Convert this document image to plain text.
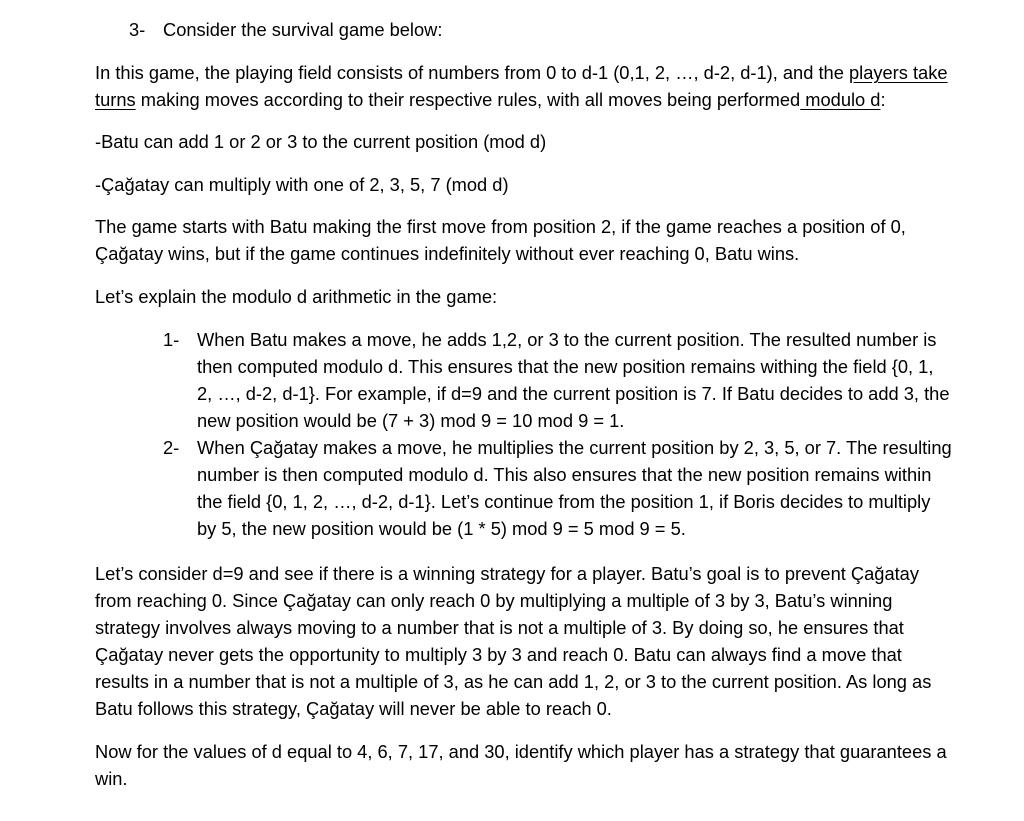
3- Consider the survival game below:

In this game, the playing field consists of numbers from 0 to d-1 (0,1, 2, …, d-2, d-1), and the players take

turns making moves according to their respective rules, with all moves being performed modulo d:

-Batu can add 1 or 2 or 3 to the current position (mod d)

-Çağatay can multiply with one of 2, 3, 5, 7 (mod d)

The game starts with Batu making the first move from position 2, if the game reaches a position of 0,

Çağatay wins, but if the game continues indefinitely without ever reaching 0, Batu wins.

Let’s explain the modulo d arithmetic in the game:

1- When Batu makes a move, he adds 1,2, or 3 to the current position. The resulted number is

then computed modulo d. This ensures that the new position remains withing the field {0, 1,

2, …, d-2, d-1}. For example, if d=9 and the current position is 7. If Batu decides to add 3, the

new position would be (7 + 3) mod 9 = 10 mod 9 = 1.

2- When Çağatay makes a move, he multiplies the current position by 2, 3, 5, or 7. The resulting

number is then computed modulo d. This also ensures that the new position remains within

the field {0, 1, 2, …, d-2, d-1}. Let’s continue from the position 1, if Boris decides to multiply

by 5, the new position would be (1 * 5) mod 9 = 5 mod 9 = 5.

Let’s consider d=9 and see if there is a winning strategy for a player. Batu’s goal is to prevent Çağatay

from reaching 0. Since Çağatay can only reach 0 by multiplying a multiple of 3 by 3, Batu’s winning

strategy involves always moving to a number that is not a multiple of 3. By doing so, he ensures that

Çağatay never gets the opportunity to multiply 3 by 3 and reach 0. Batu can always find a move that

results in a number that is not a multiple of 3, as he can add 1, 2, or 3 to the current position. As long as

Batu follows this strategy, Çağatay will never be able to reach 0.

Now for the values of d equal to 4, 6, 7, 17, and 30, identify which player has a strategy that guarantees a

win.
